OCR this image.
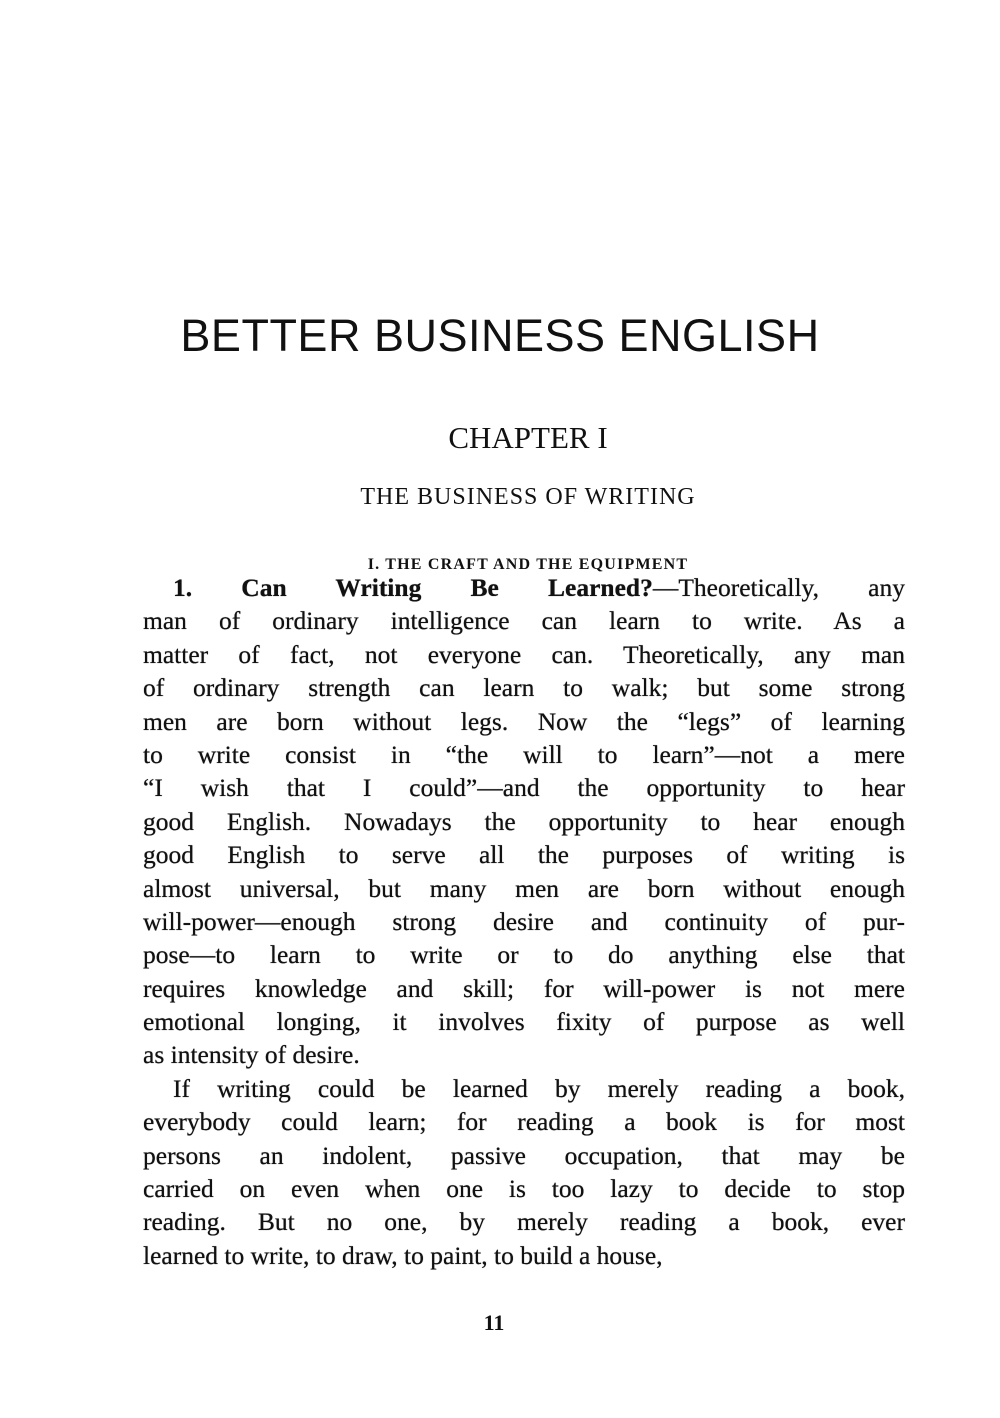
BETTER BUSINESS ENGLISH
CHAPTER I
THE BUSINESS OF WRITING
I. THE CRAFT AND THE EQUIPMENT
1. Can Writing Be Learned?—Theoretically, any
man of ordinary intelligence can learn to write. As a
matter of fact, not everyone can. Theoretically, any man
of ordinary strength can learn to walk; but some strong
men are born without legs. Now the “legs” of learning
to write consist in “the will to learn”—not a mere
“I wish that I could”—and the opportunity to hear
good English. Nowadays the opportunity to hear enough
good English to serve all the purposes of writing is
almost universal, but many men are born without enough
will-power—enough strong desire and continuity of pur-
pose—to learn to write or to do anything else that
requires knowledge and skill; for will-power is not mere
emotional longing, it involves fixity of purpose as well
as intensity of desire.
If writing could be learned by merely reading a book,
everybody could learn; for reading a book is for most
persons an indolent, passive occupation, that may be
carried on even when one is too lazy to decide to stop
reading. But no one, by merely reading a book, ever
learned to write, to draw, to paint, to build a house,
11
